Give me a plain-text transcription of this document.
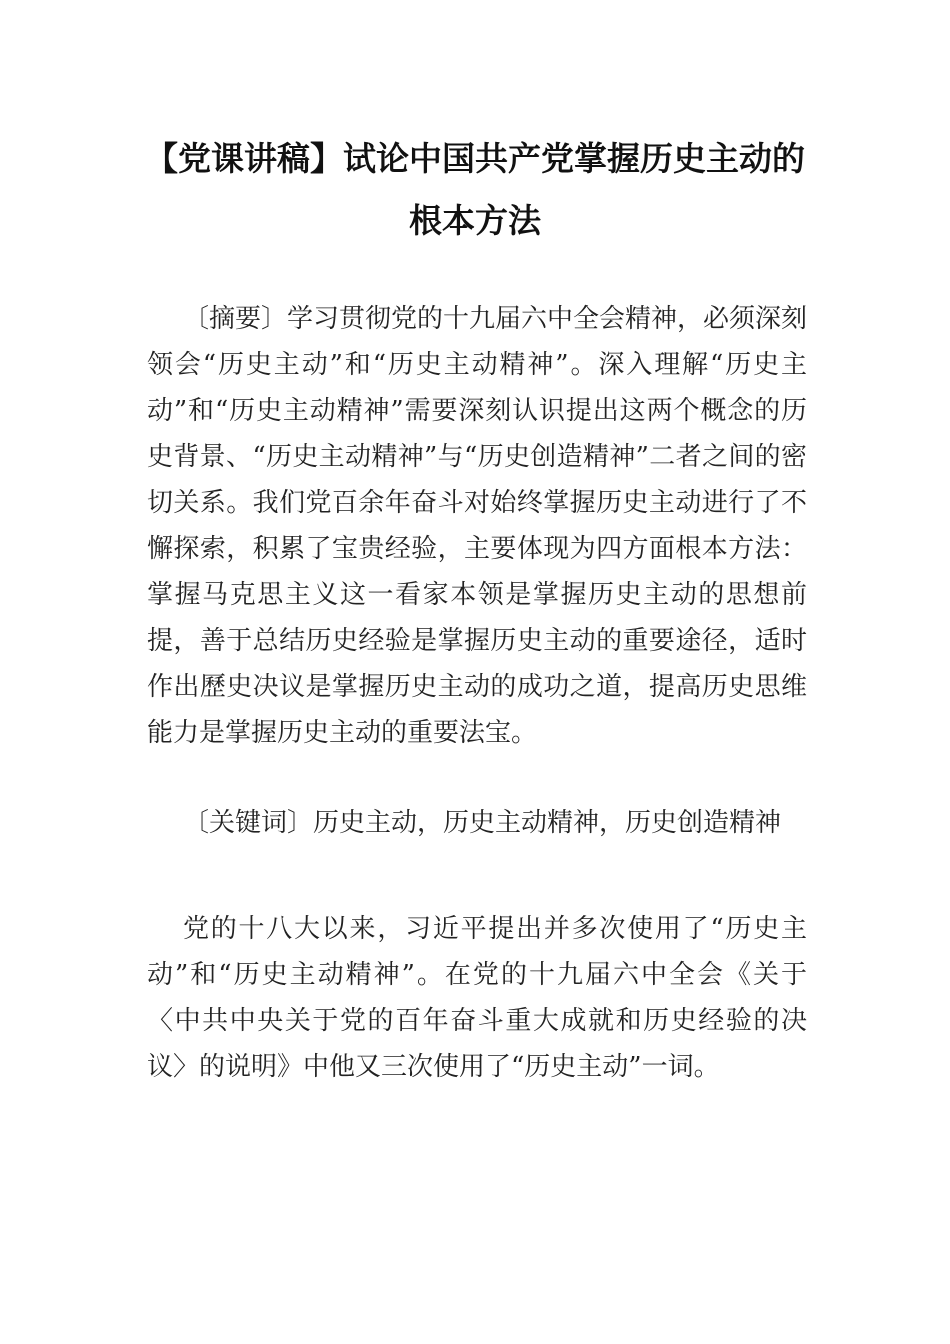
【党课讲稿】试论中国共产党掌握历史主动的
根本方法

〔摘要〕学习贯彻党的十九届六中全会精神，必须深刻领会“历史主动”和“历史主动精神”。深入理解“历史主动”和“历史主动精神”需要深刻认识提出这两个概念的历史背景、“历史主动精神”与“历史创造精神”二者之间的密切关系。我们党百余年奋斗对始终掌握历史主动进行了不懈探索，积累了宝贵经验，主要体现为四方面根本方法：掌握马克思主义这一看家本领是掌握历史主动的思想前提，善于总结历史经验是掌握历史主动的重要途径，适时作出歷史决议是掌握历史主动的成功之道，提高历史思维能力是掌握历史主动的重要法宝。

〔关键词〕历史主动，历史主动精神，历史创造精神

党的十八大以来，习近平提出并多次使用了“历史主动”和“历史主动精神”。在党的十九届六中全会《关于〈中共中央关于党的百年奋斗重大成就和历史经验的决议〉的说明》中他又三次使用了“历史主动”一词。
